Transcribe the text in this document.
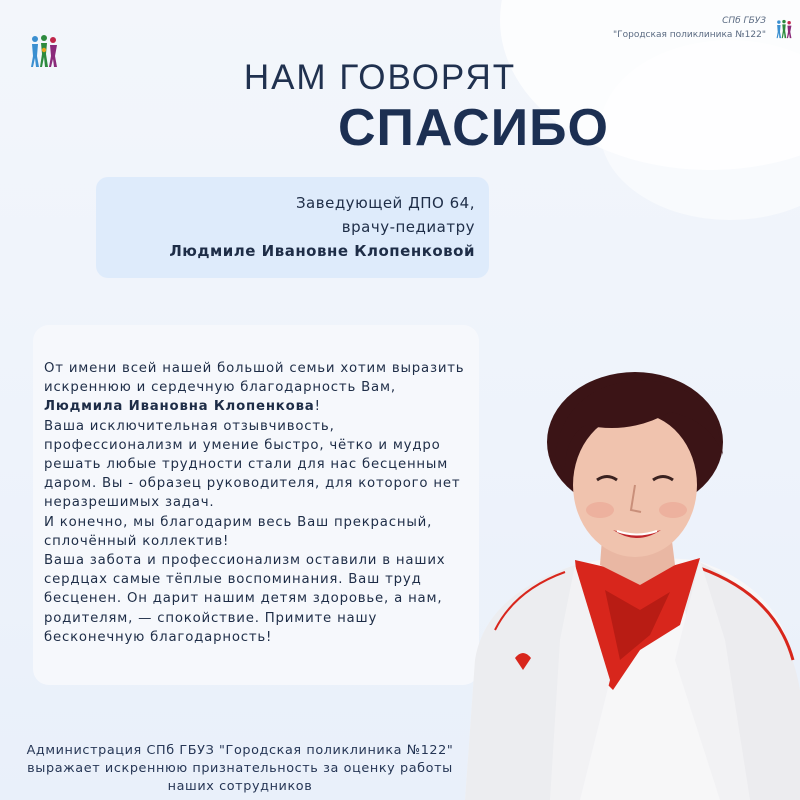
СПб ГБУЗ
"Городская поликлиника №122"
НАМ ГОВОРЯТ
СПАСИБО
Заведующей ДПО 64,
врачу-педиатру
Людмиле Ивановне Клопенковой
От имени всей нашей большой семьи хотим выразить искреннюю и сердечную благодарность Вам, Людмила Ивановна Клопенкова!
Ваша исключительная отзывчивость, профессионализм и умение быстро, чётко и мудро решать любые трудности стали для нас бесценным даром. Вы - образец руководителя, для которого нет неразрешимых задач.
И конечно, мы благодарим весь Ваш прекрасный, сплочённый коллектив!
Ваша забота и профессионализм оставили в наших сердцах самые тёплые воспоминания. Ваш труд бесценен. Он дарит нашим детям здоровье, а нам, родителям, — спокойствие. Примите нашу бесконечную благодарность!
Администрация СПб ГБУЗ "Городская поликлиника №122" выражает искреннюю признательность за оценку работы наших сотрудников
